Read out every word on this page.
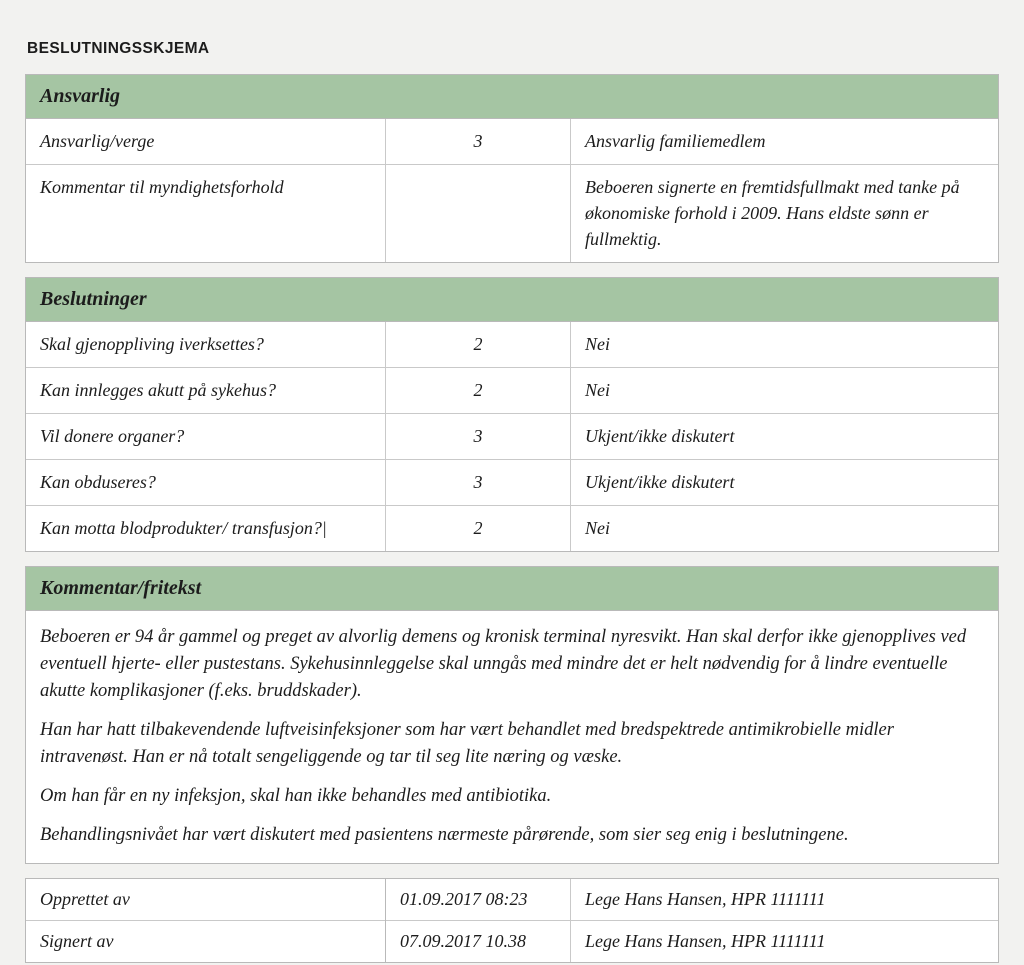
BESLUTNINGSSKJEMA
Ansvarlig
Ansvarlig/verge	3	Ansvarlig familiemedlem
Kommentar til myndighetsforhold		Beboeren signerte en fremtidsfullmakt med tanke på økonomiske forhold i 2009. Hans eldste sønn er fullmektig.
Beslutninger
Skal gjenoppliving iverksettes?	2	Nei
Kan innlegges akutt på sykehus?	2	Nei
Vil donere organer?	3	Ukjent/ikke diskutert
Kan obduseres?	3	Ukjent/ikke diskutert
Kan motta blodprodukter/ transfusjon?|	2	Nei
Kommentar/fritekst

Beboeren er 94 år gammel og preget av alvorlig demens og kronisk terminal nyresvikt. Han skal derfor ikke gjenopplives ved eventuell hjerte- eller pustestans. Sykehusinnleggelse skal unngås med mindre det er helt nødvendig for å lindre eventuelle akutte komplikasjoner (f.eks. bruddskader).

Han har hatt tilbakevendende luftveisinfeksjoner som har vært behandlet med bredspektrede antimikrobielle midler intravenøst. Han er nå totalt sengeliggende og tar til seg lite næring og væske.

Om han får en ny infeksjon, skal han ikke behandles med antibiotika.

Behandlingsnivået har vært diskutert med pasientens nærmeste pårørende, som sier seg enig i beslutningene.

Opprettet av	01.09.2017 08:23	Lege Hans Hansen, HPR 1111111
Signert av	07.09.2017 10.38	Lege Hans Hansen, HPR 1111111
